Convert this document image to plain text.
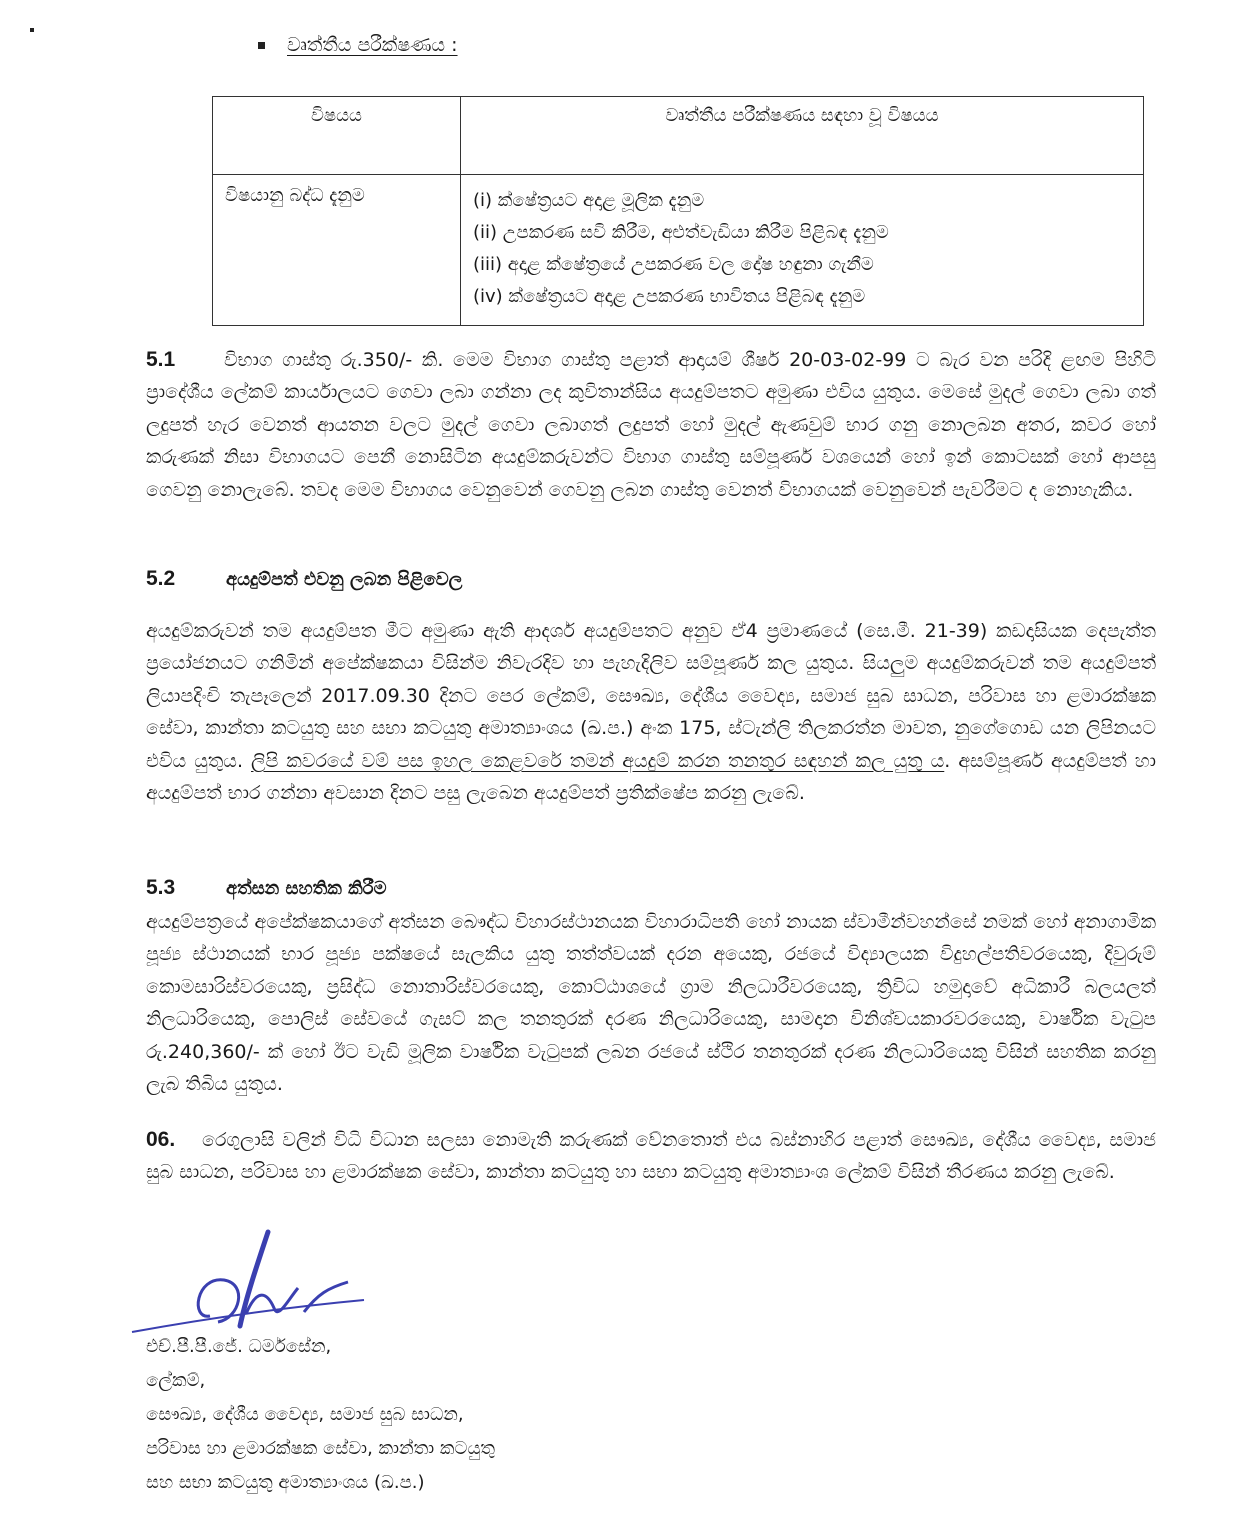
වෘත්තීය පරීක්ෂණය :
විෂයය	වෘත්තීය පරීක්ෂණය සඳහා වූ විෂයය
විෂයානු බද්ධ දැනුම	(i) ක්ෂේත්‍රයට අදාළ මූලික දැනුම
(ii) උපකරණ සවි කිරීම, අළුත්වැඩියා කිරීම පිළිබඳ දැනුම
(iii) අදාළ ක්ෂේත්‍රයේ උපකරණ වල දෝෂ හඳුනා ගැනීම
(iv) ක්ෂේත්‍රයට අදාළ උපකරණ භාවිතය පිළිබඳ දැනුම
5.1	විභාග ගාස්තු රු.350/- කි. මෙම විභාග ගාස්තු පළාත් ආදායම් ශීර්ෂ 20-03-02-99 ට බැර වන පරිදි ළඟම පිහිටි ප්‍රාදේශීය ලේකම් කාර්යාලයට ගෙවා ලබා ගන්නා ලද කුවිතාන්සිය අයදුම්පතට අමුණා එවිය යුතුය. මෙසේ මුදල් ගෙවා ලබා ගත් ලදුපත් හැර වෙනත් ආයතන වලට මුදල් ගෙවා ලබාගත් ලදුපත් හෝ මුදල් ඇණවුම් භාර ගනු නොලබන අතර, කවර හෝ කරුණක් නිසා විභාගයට පෙනී නොසිටින අයදුම්කරුවන්ට විභාග ගාස්තු සම්පූර්ණ වශයෙන් හෝ ඉන් කොටසක් හෝ ආපසු ගෙවනු නොලැබේ. තවද මෙම විභාගය වෙනුවෙන් ගෙවනු ලබන ගාස්තු වෙනත් විභාගයක් වෙනුවෙන් පැවරීමට ද නොහැකිය.
5.2	අයදුම්පත් එවනු ලබන පිළිවෙල
අයදුම්කරුවන් තම අයදුම්පත මීට අමුණා ඇති ආදර්ශ අයදුම්පතට අනුව ඒ4 ප්‍රමාණයේ (සෙ.මී. 21-39) කඩදාසියක දෙපැත්ත ප්‍රයෝජනයට ගනිමින් අපේක්ෂකයා විසින්ම නිවැරදිව හා පැහැදිලිව සම්පූර්ණ කල යුතුය. සියලුම අයදුම්කරුවන් තම අයදුම්පත් ලියාපදිංචි තැපෑලෙන් 2017.09.30 දිනට පෙර ලේකම්, සෞඛ්‍ය, දේශීය වෛද්‍ය, සමාජ සුබ සාධන, පරිවාස හා ළමාරක්ෂක සේවා, කාන්තා කටයුතු සහ සභා කටයුතු අමාත්‍යාංශය (ඛ.ප.) අංක 175, ස්ටැන්ලි තිලකරත්න මාවත, නුගේගොඩ යන ලිපිනයට එවිය යුතුය. ලිපි කවරයේ වම් පස ඉහල කෙළවරේ තමන් අයදුම් කරන තනතුර සඳහන් කල යුතු ය. අසම්පූර්ණ අයදුම්පත් හා අයදුම්පත් භාර ගන්නා අවසාන දිනට පසු ලැබෙන අයදුම්පත් ප්‍රතික්ෂේප කරනු ලැබේ.
5.3	අත්සන සහතික කිරීම
අයදුම්පත්‍රයේ අපේක්ෂකයාගේ අත්සන බෞද්ධ විහාරස්ථානයක විහාරාධිපති හෝ නායක ස්වාමීන්වහන්සේ නමක් හෝ අනාගාමික පූජ්‍ය ස්ථානයක් භාර පූජ්‍ය පක්ෂයේ සැලකිය යුතු තත්ත්වයක් දරන අයෙකු, රජයේ විද්‍යාලයක විදුහල්පතිවරයෙකු, දිවුරුම් කොමසාරිස්වරයෙකු, ප්‍රසිද්ධ නොතාරිස්වරයෙකු, කොට්ඨාශයේ ග්‍රාම නිලධාරීවරයෙකු, ත්‍රිවිධ හමුදාවේ අධිකාරී බලයලත් නිලධාරියෙකු, පොලිස් සේවයේ ගැසට් කල තනතුරක් දරණ නිලධාරියෙකු, සාමදාන විනිශ්චයකාරවරයෙකු, වාර්ෂික වැටුප රු.240,360/- ක් හෝ ඊට වැඩි මූලික වාර්ෂික වැටුපක් ලබන රජයේ ස්ථිර තනතුරක් දරණ නිලධාරියෙකු විසින් සහතික කරනු ලැබ තිබිය යුතුය.
06. රෙගුලාසි වලින් විධි විධාන සලසා නොමැති කරුණක් වේනතොත් එය බස්නාහිර පළාත් සෞඛ්‍ය, දේශීය වෛද්‍ය, සමාජ සුබ සාධන, පරිවාස හා ළමාරක්ෂක සේවා, කාන්තා කටයුතු හා සභා කටයුතු අමාත්‍යාංශ ලේකම් විසින් තීරණය කරනු ලැබේ.
එච්.පී.පී.ජේ. ධර්මසේන,
ලේකම්,
සෞඛ්‍ය, දේශීය වෛද්‍ය, සමාජ සුබ සාධන,
පරිවාස හා ළමාරක්ෂක සේවා, කාන්තා කටයුතු
සහ සභා කටයුතු අමාත්‍යාංශය (ඛ.ප.)
